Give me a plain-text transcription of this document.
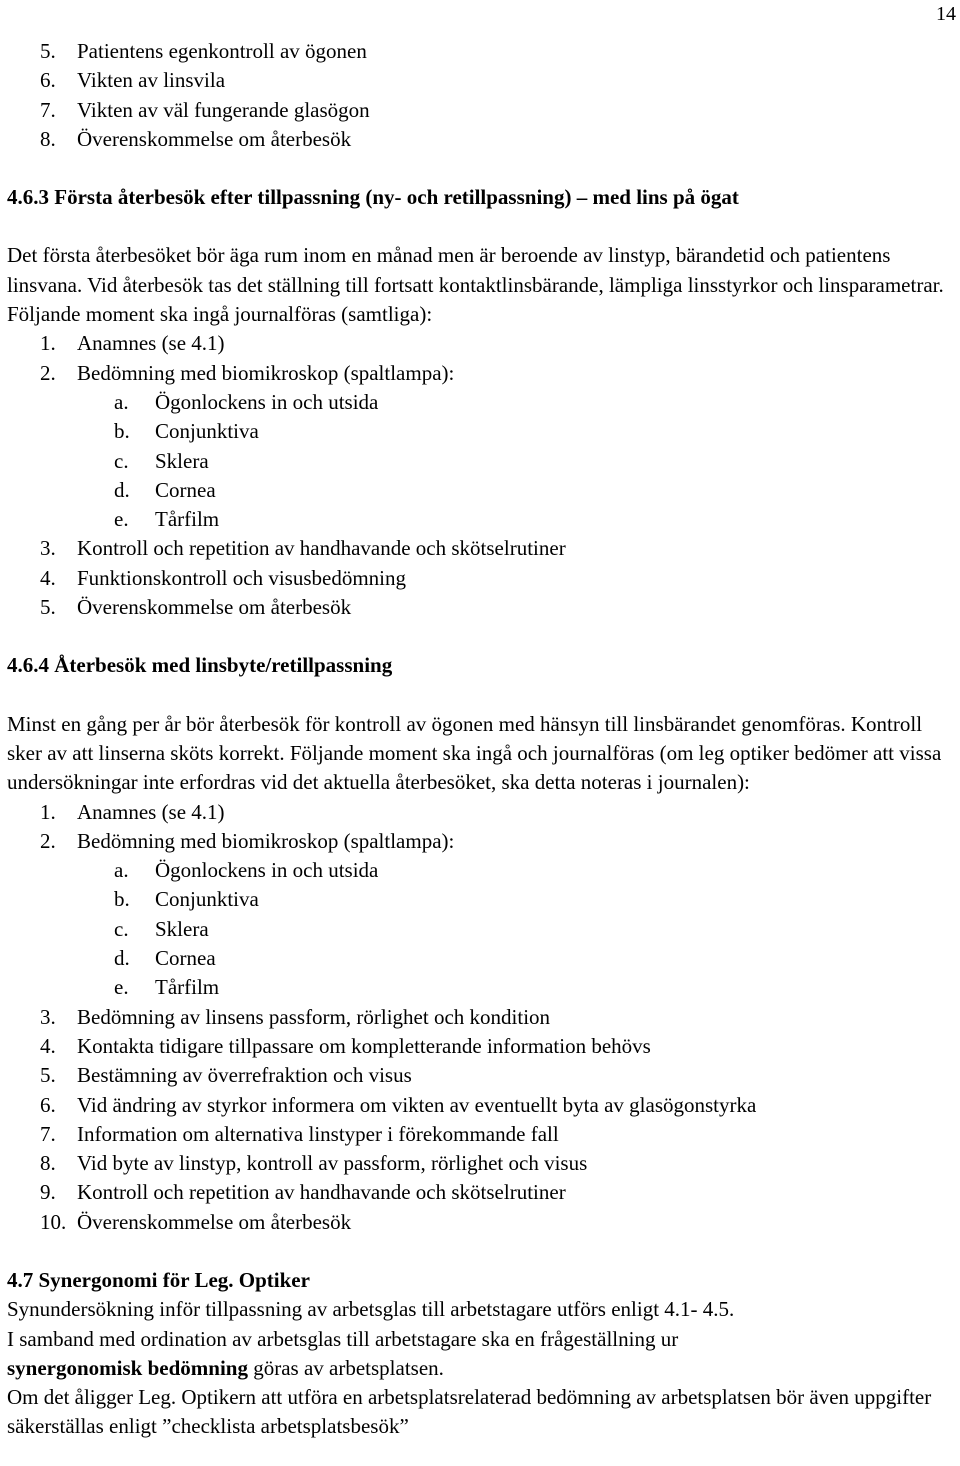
14
5.	Patientens egenkontroll av ögonen
6.	Vikten av linsvila
7.	Vikten av väl fungerande glasögon
8.	Överenskommelse om återbesök
4.6.3 Första återbesök efter tillpassning (ny- och retillpassning) – med lins på ögat

Det första återbesöket bör äga rum inom en månad men är beroende av linstyp, bärandetid och patientens linsvana. Vid återbesök tas det ställning till fortsatt kontaktlinsbärande, lämpliga linsstyrkor och linsparametrar. Följande moment ska ingå journalföras (samtliga):

1.	Anamnes (se 4.1)
2.	Bedömning med biomikroskop (spaltlampa):
a.	Ögonlockens in och utsida
b.	Conjunktiva
c.	Sklera
d.	Cornea
e.	Tårfilm
3.	Kontroll och repetition av handhavande och skötselrutiner
4.	Funktionskontroll och visusbedömning
5.	Överenskommelse om återbesök
4.6.4 Återbesök med linsbyte/retillpassning

Minst en gång per år bör återbesök för kontroll av ögonen med hänsyn till linsbärandet genomföras. Kontroll sker av att linserna sköts korrekt. Följande moment ska ingå och journalföras (om leg optiker bedömer att vissa undersökningar inte erfordras vid det aktuella återbesöket, ska detta noteras i journalen):

1.	Anamnes (se 4.1)
2.	Bedömning med biomikroskop (spaltlampa):
a.	Ögonlockens in och utsida
b.	Conjunktiva
c.	Sklera
d.	Cornea
e.	Tårfilm
3.	Bedömning av linsens passform, rörlighet och kondition
4.	Kontakta tidigare tillpassare om kompletterande information behövs
5.	Bestämning av överrefraktion och visus
6.	Vid ändring av styrkor informera om vikten av eventuellt byta av glasögonstyrka
7.	Information om alternativa linstyper i förekommande fall
8.	Vid byte av linstyp, kontroll av passform, rörlighet och visus
9.	Kontroll och repetition av handhavande och skötselrutiner
10. Överenskommelse om återbesök
4.7 Synergonomi för Leg. Optiker

Synundersökning inför tillpassning av arbetsglas till arbetstagare utförs enligt 4.1- 4.5.

I samband med ordination av arbetsglas till arbetstagare ska en frågeställning ur
synergonomisk bedömning göras av arbetsplatsen.

Om det åligger Leg. Optikern att utföra en arbetsplatsrelaterad bedömning av arbetsplatsen bör även uppgifter säkerställas enligt ”checklista arbetsplatsbesök”
